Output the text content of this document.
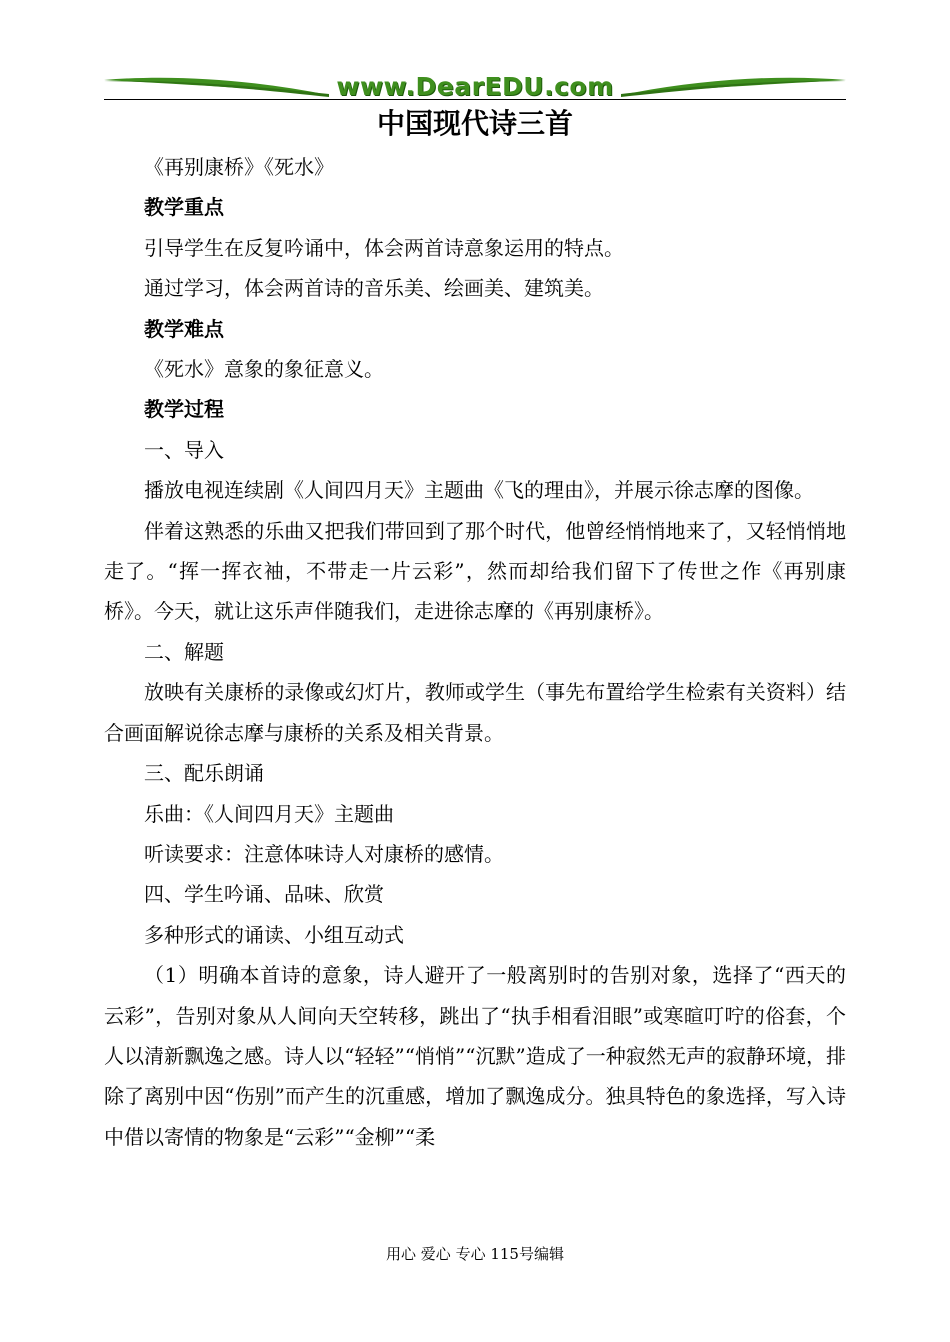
www.DearEDU.com
中国现代诗三首

《再别康桥》《死水》

教学重点

引导学生在反复吟诵中，体会两首诗意象运用的特点。

通过学习，体会两首诗的音乐美、绘画美、建筑美。

教学难点

《死水》意象的象征意义。

教学过程

一、导入

播放电视连续剧《人间四月天》主题曲《飞的理由》，并展示徐志摩的图像。

伴着这熟悉的乐曲又把我们带回到了那个时代，他曾经悄悄地来了，又轻悄悄地走了。“挥一挥衣袖，不带走一片云彩”，然而却给我们留下了传世之作《再别康桥》。今天，就让这乐声伴随我们，走进徐志摩的《再别康桥》。

二、解题

放映有关康桥的录像或幻灯片，教师或学生（事先布置给学生检索有关资料）结合画面解说徐志摩与康桥的关系及相关背景。

三、配乐朗诵

乐曲：《人间四月天》主题曲

听读要求：注意体味诗人对康桥的感情。

四、学生吟诵、品味、欣赏

多种形式的诵读、小组互动式

（1）明确本首诗的意象，诗人避开了一般离别时的告别对象，选择了“西天的云彩”，告别对象从人间向天空转移，跳出了“执手相看泪眼”或寒暄叮咛的俗套，个人以清新飘逸之感。诗人以“轻轻”“悄悄”“沉默”造成了一种寂然无声的寂静环境，排除了离别中因“伤别”而产生的沉重感，增加了飘逸成分。独具特色的象选择，写入诗中借以寄情的物象是“云彩”“金柳”“柔

用心 爱心 专心 115号编辑
